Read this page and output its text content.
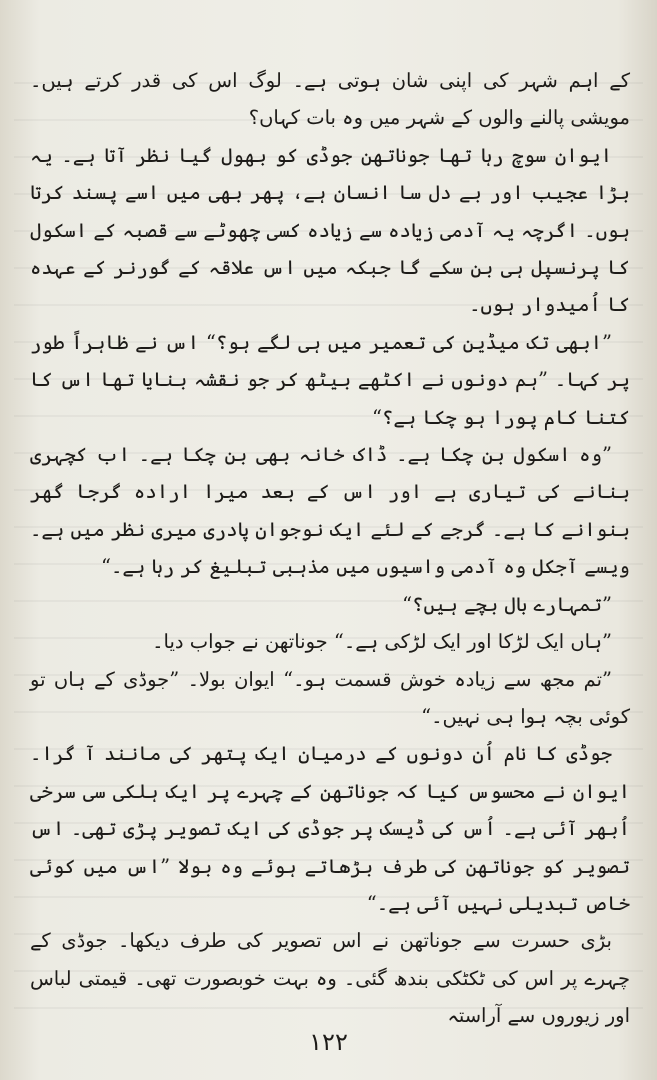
کے اہم شہر کی اپنی شان ہوتی ہے۔ لوگ اس کی قدر کرتے ہیں۔ مویشی پالنے والوں کے شہر میں وہ بات کہاں؟

ایوان سوچ رہا تھا جوناتھن جوڈی کو بھول گیا نظر آتا ہے۔ یہ بڑا عجیب اور بے دل سا انسان ہے، پھر بھی میں اسے پسند کرتا ہوں۔ اگرچہ یہ آدمی زیادہ سے زیادہ کسی چھوٹے سے قصبہ کے اسکول کا پرنسپل ہی بن سکے گا جبکہ میں اس علاقہ کے گورنر کے عہدہ کا اُمیدوار ہوں۔

”ابھی تک میڈین کی تعمیر میں ہی لگے ہو؟“ اس نے ظاہراً طور پر کہا۔ ”ہم دونوں نے اکٹھے بیٹھ کر جو نقشہ بنایا تھا اس کا کتنا کام پورا ہو چکا ہے؟“

”وہ اسکول بن چکا ہے۔ ڈاک خانہ بھی بن چکا ہے۔ اب کچہری بنانے کی تیاری ہے اور اس کے بعد میرا ارادہ گرجا گھر بنوانے کا ہے۔ گرجے کے لئے ایک نوجوان پادری میری نظر میں ہے۔ ویسے آجکل وہ آدمی واسیوں میں مذہبی تبلیغ کر رہا ہے۔“

”تمہارے بال بچے ہیں؟“

”ہاں ایک لڑکا اور ایک لڑکی ہے۔“ جوناتھن نے جواب دیا۔

”تم مجھ سے زیادہ خوش قسمت ہو۔“ ایوان بولا۔ ”جوڈی کے ہاں تو کوئی بچہ ہوا ہی نہیں۔“

جوڈی کا نام اُن دونوں کے درمیان ایک پتھر کی مانند آ گرا۔ ایوان نے محسوس کیا کہ جوناتھن کے چہرے پر ایک ہلکی سی سرخی اُبھر آئی ہے۔ اُس کی ڈیسک پر جوڈی کی ایک تصویر پڑی تھی۔ اس تصویر کو جوناتھن کی طرف بڑھاتے ہوئے وہ بولا ”اس میں کوئی خاص تبدیلی نہیں آئی ہے۔“

بڑی حسرت سے جوناتھن نے اس تصویر کی طرف دیکھا۔ جوڈی کے چہرے پر اس کی ٹکٹکی بندھ گئی۔ وہ بہت خوبصورت تھی۔ قیمتی لباس اور زیوروں سے آراستہ

۱۲۲
